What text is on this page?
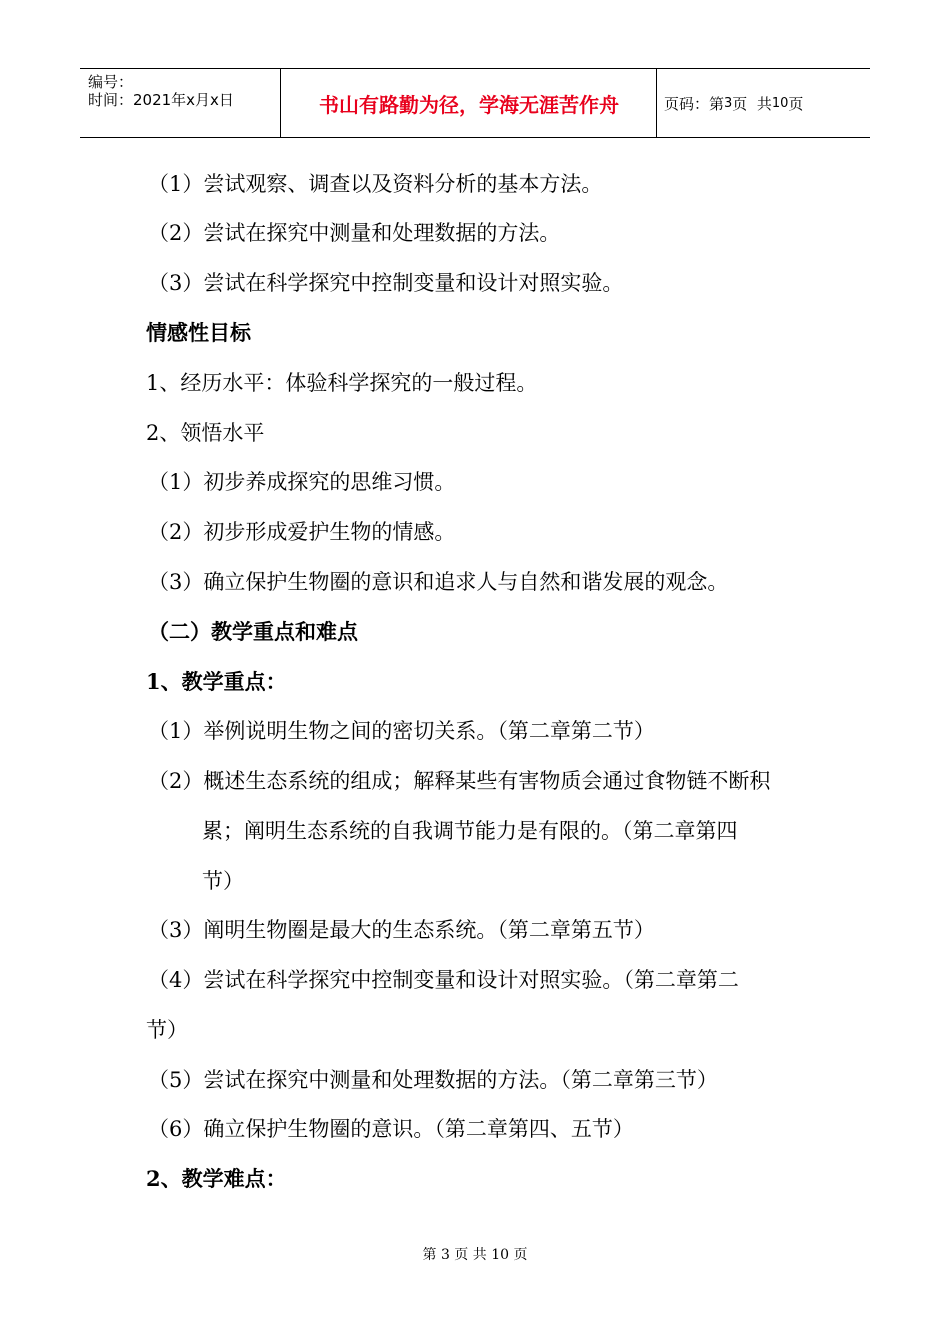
编号：
时间：2021年x月x日	书山有路勤为径，学海无涯苦作舟	页码：第 3 页  共 10 页
（1）尝试观察、调查以及资料分析的基本方法。
（2）尝试在探究中测量和处理数据的方法。
（3）尝试在科学探究中控制变量和设计对照实验。
情感性目标
1、经历水平：体验科学探究的一般过程。
2、领悟水平
（1）初步养成探究的思维习惯。
（2）初步形成爱护生物的情感。
（3）确立保护生物圈的意识和追求人与自然和谐发展的观念。
（二）教学重点和难点
1、教学重点：
（1）举例说明生物之间的密切关系。（第二章第二节）
（2）概述生态系统的组成；解释某些有害物质会通过食物链不断积
累；阐明生态系统的自我调节能力是有限的。（第二章第四
节）
（3）阐明生物圈是最大的生态系统。（第二章第五节）
（4）尝试在科学探究中控制变量和设计对照实验。（第二章第二
节）
（5）尝试在探究中测量和处理数据的方法。（第二章第三节）
（6）确立保护生物圈的意识。（第二章第四、五节）
2、教学难点：
第 3 页 共 10 页
